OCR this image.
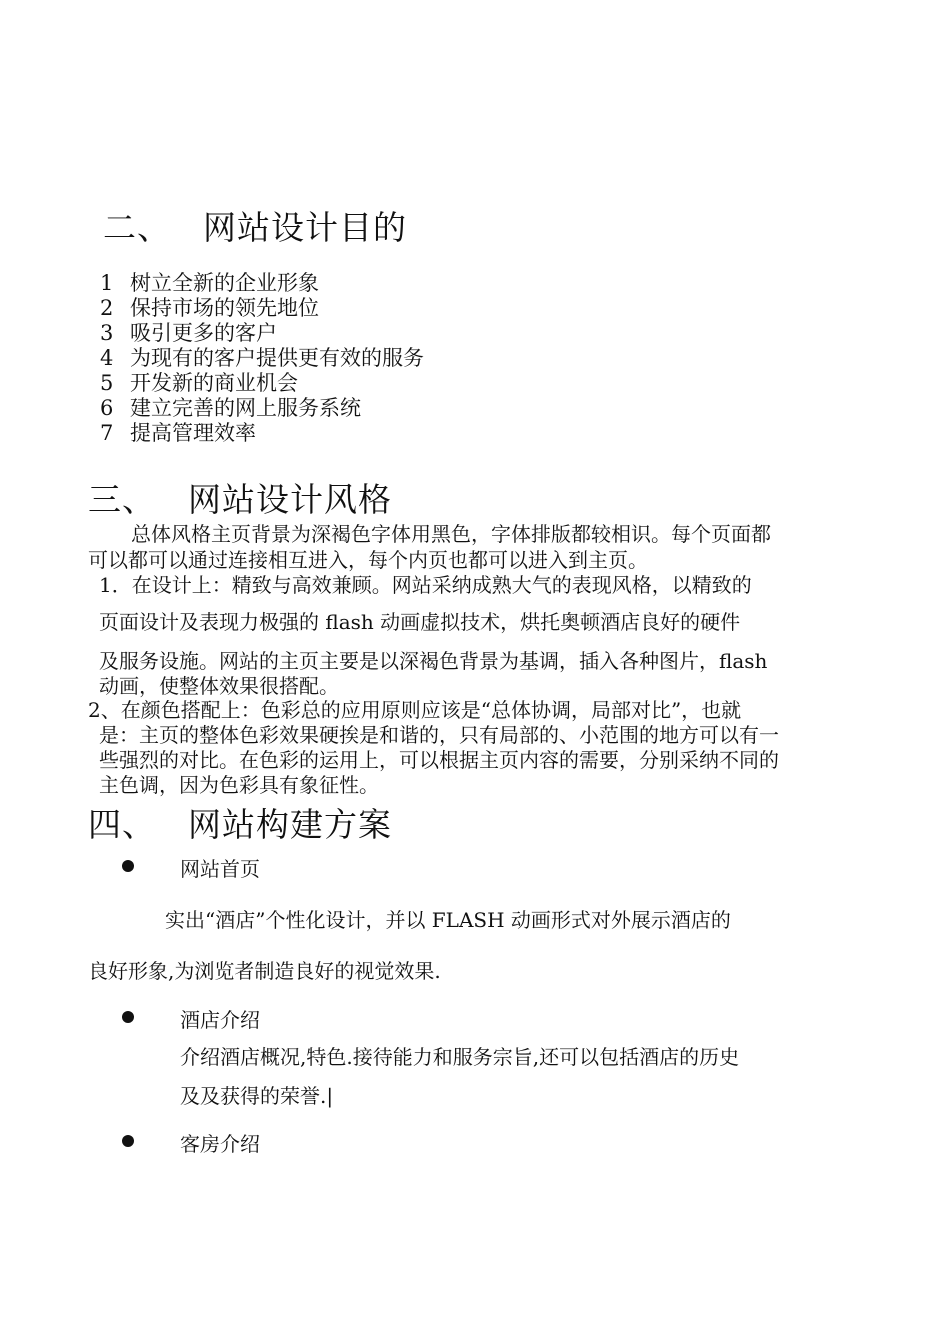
二、 网站设计目的
1 树立全新的企业形象
2 保持市场的领先地位
3 吸引更多的客户
4 为现有的客户提供更有效的服务
5 开发新的商业机会
6 建立完善的网上服务系统
7 提高管理效率
三、 网站设计风格
总体风格主页背景为深褐色字体用黑色，字体排版都较相识。每个页面都
可以都可以通过连接相互进入，每个内页也都可以进入到主页。
1．在设计上：精致与高效兼顾。网站采纳成熟大气的表现风格，以精致的
页面设计及表现力极强的 flash 动画虚拟技术，烘托奥顿酒店良好的硬件
及服务设施。网站的主页主要是以深褐色背景为基调，插入各种图片，flash
动画，使整体效果很搭配。
2、在颜色搭配上：色彩总的应用原则应该是“总体协调，局部对比”，也就
是：主页的整体色彩效果硬挨是和谐的，只有局部的、小范围的地方可以有一
些强烈的对比。在色彩的运用上，可以根据主页内容的需要，分别采纳不同的
主色调，因为色彩具有象征性。
四、 网站构建方案
网站首页
实出“酒店”个性化设计，并以 FLASH 动画形式对外展示酒店的
良好形象,为浏览者制造良好的视觉效果.
酒店介绍
介绍酒店概况,特色.接待能力和服务宗旨,还可以包括酒店的历史
及及获得的荣誉.|
客房介绍
